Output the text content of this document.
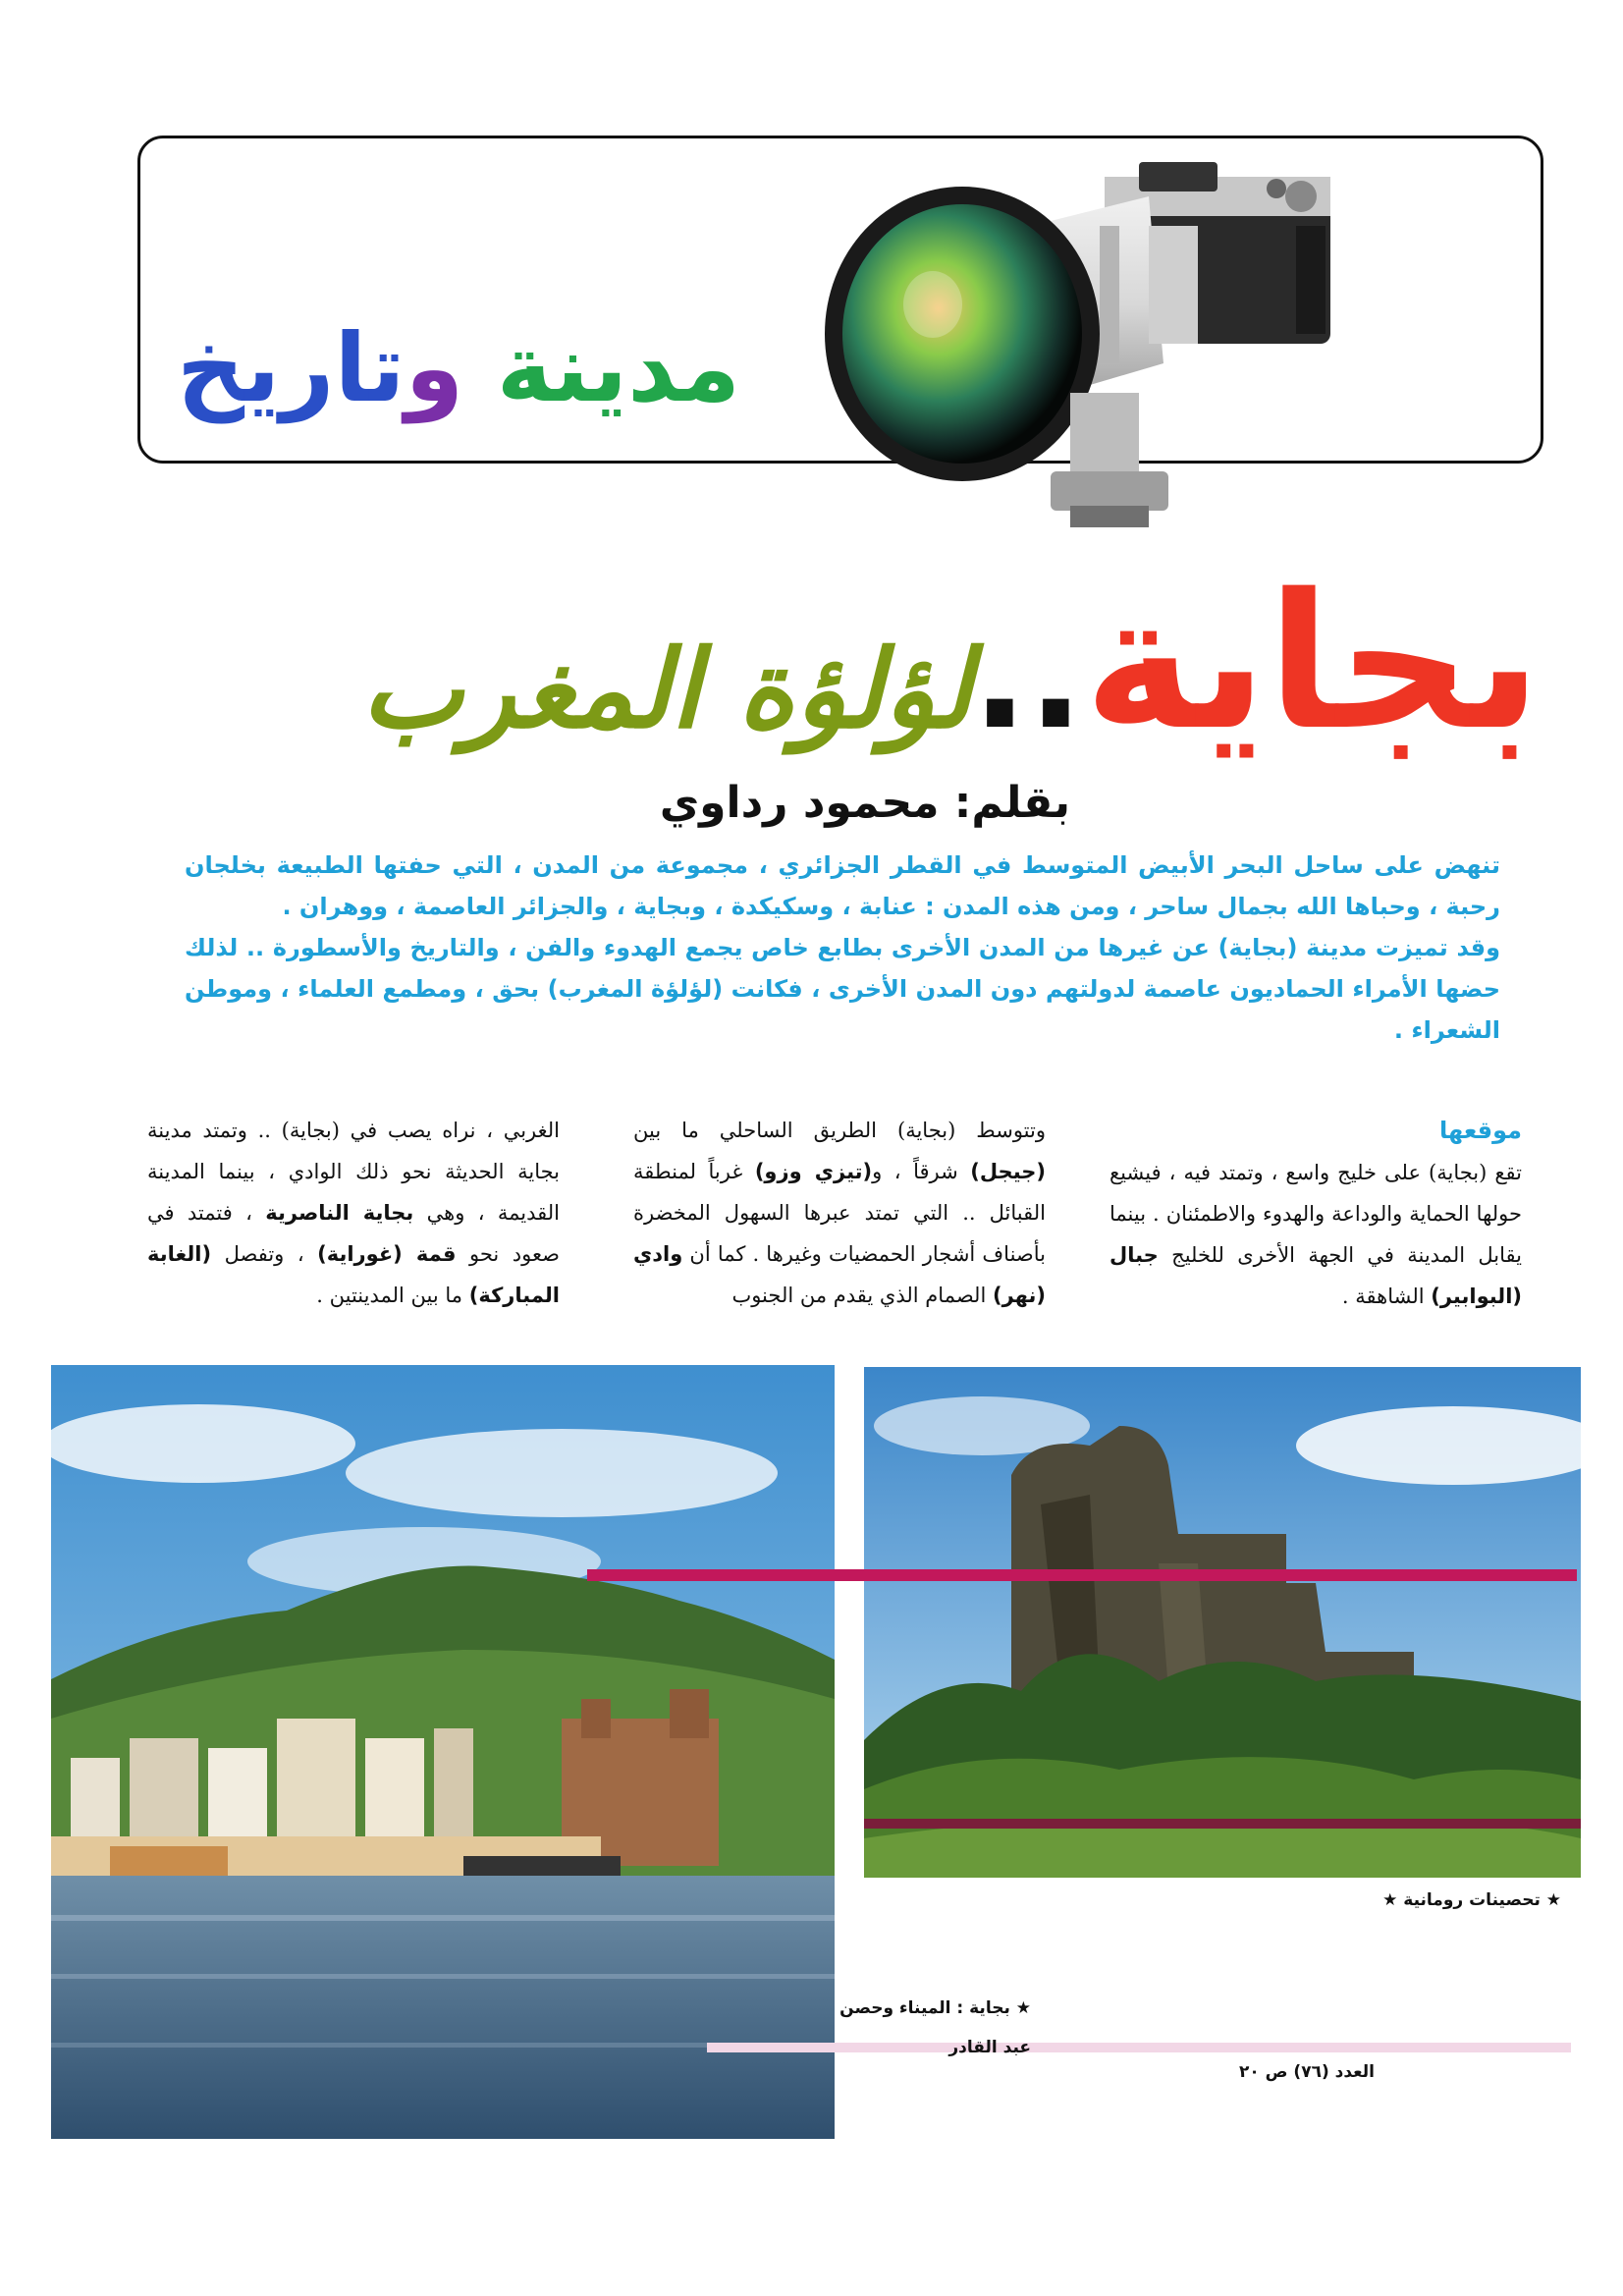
مدينة وتاريخ
بجاية..لؤلؤة المغرب
بقلم: محمود رداوي

تنهض على ساحل البحر الأبيض المتوسط في القطر الجزائري ، مجموعة من المدن ، التي حفتها الطبيعة بخلجان رحبة ، وحباها الله بجمال ساحر ، ومن هذه المدن : عنابة ، وسكيكدة ، وبجاية ، والجزائر العاصمة ، ووهران .

وقد تميزت مدينة (بجاية) عن غيرها من المدن الأخرى بطابع خاص يجمع الهدوء والفن ، والتاريخ والأسطورة .. لذلك حضها الأمراء الحماديون عاصمة لدولتهم دون المدن الأخرى ، فكانت (لؤلؤة المغرب) بحق ، ومطمع العلماء ، وموطن الشعراء .

موقعها

تقع (بجاية) على خليج واسع ، وتمتد فيه ، فيشيع حولها الحماية والوداعة والهدوء والاطمئنان . بينما يقابل المدينة في الجهة الأخرى للخليج جبال (البوابير) الشاهقة .

وتتوسط (بجاية) الطريق الساحلي ما بين (جيجل) شرقاً ، و(تيزي وزو) غرباً لمنطقة القبائل .. التي تمتد عبرها السهول المخضرة بأصناف أشجار الحمضيات وغيرها . كما أن وادي (نهر) الصمام الذي يقدم من الجنوب

الغربي ، نراه يصب في (بجاية) .. وتمتد مدينة بجاية الحديثة نحو ذلك الوادي ، بينما المدينة القديمة ، وهي بجاية الناصرية ، فتمتد في صعود نحو قمة (غوراية) ، وتفصل (الغابة المباركة) ما بين المدينتين .

★ تحصينات رومانية ★
★ بجاية : الميناء وحصن
عبد القادر
العدد (٧٦) ص ٢٠
